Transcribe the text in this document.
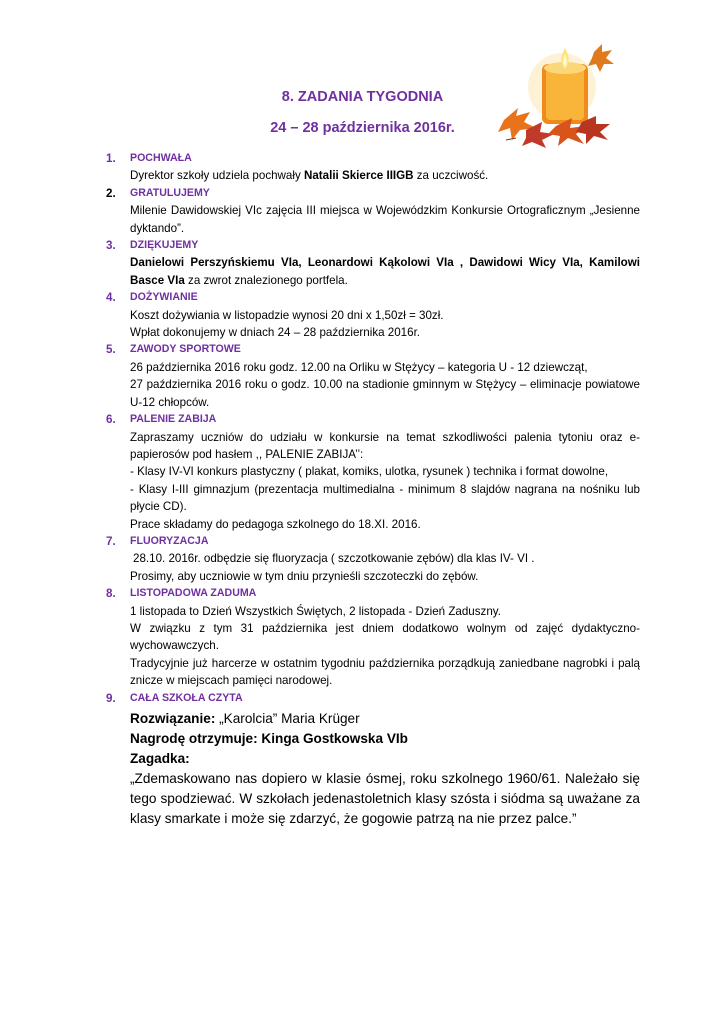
8. ZADANIA TYGODNIA
24 – 28 października 2016r.
1.	POCHWAŁA
Dyrektor szkoły udziela pochwały Natalii Skierce IIIGB za uczciwość.
2.	GRATULUJEMY
Milenie Dawidowskiej VIc zajęcia III miejsca w Wojewódzkim Konkursie Ortograficznym „Jesienne dyktando”.
3.	DZIĘKUJEMY
Danielowi Perszyńskiemu VIa, Leonardowi Kąkolowi VIa , Dawidowi Wicy VIa, Kamilowi Basce VIa za zwrot znalezionego portfela.
4.	DOŻYWIANIE
Koszt dożywiania w listopadzie wynosi 20 dni x 1,50zł = 30zł.
Wpłat dokonujemy w dniach 24 – 28 października 2016r.
5.	ZAWODY SPORTOWE
26 października 2016 roku godz. 12.00 na Orliku w Stężycy – kategoria U - 12 dziewcząt,
27 października 2016 roku o godz. 10.00 na stadionie gminnym w Stężycy – eliminacje powiatowe U-12 chłopców.
6.	PALENIE ZABIJA
Zapraszamy uczniów do udziału w konkursie na temat szkodliwości palenia tytoniu oraz e- papierosów pod hasłem ,, PALENIE ZABIJA’’:
- Klasy IV-VI konkurs plastyczny ( plakat, komiks, ulotka, rysunek ) technika i format dowolne,
- Klasy I-III gimnazjum (prezentacja multimedialna - minimum 8 slajdów nagrana na nośniku lub płycie CD).
Prace składamy do pedagoga szkolnego do 18.XI. 2016.
7.	FLUORYZACJA
28.10. 2016r. odbędzie się fluoryzacja ( szczotkowanie zębów) dla klas IV- VI .
Prosimy, aby uczniowie w tym dniu przynieśli szczoteczki do zębów.
8.	LISTOPADOWA ZADUMA
1 listopada to Dzień Wszystkich Świętych, 2 listopada - Dzień Zaduszny.
W związku z tym 31 października jest dniem dodatkowo wolnym od zajęć dydaktyczno-wychowawczych.
Tradycyjnie już harcerze w ostatnim tygodniu października porządkują zaniedbane nagrobki i palą znicze w miejscach pamięci narodowej.
9.	CAŁA SZKOŁA CZYTA
Rozwiązanie: „Karolcia” Maria Krüger
Nagrodę otrzymuje: Kinga Gostkowska VIb
Zagadka:
„Zdemaskowano nas dopiero w klasie ósmej, roku szkolnego 1960/61. Należało się tego spodziewać. W szkołach jedenastoletnich klasy szósta i siódma są uważane za klasy smarkate i może się zdarzyć, że gogowie patrzą na nie przez palce.”
